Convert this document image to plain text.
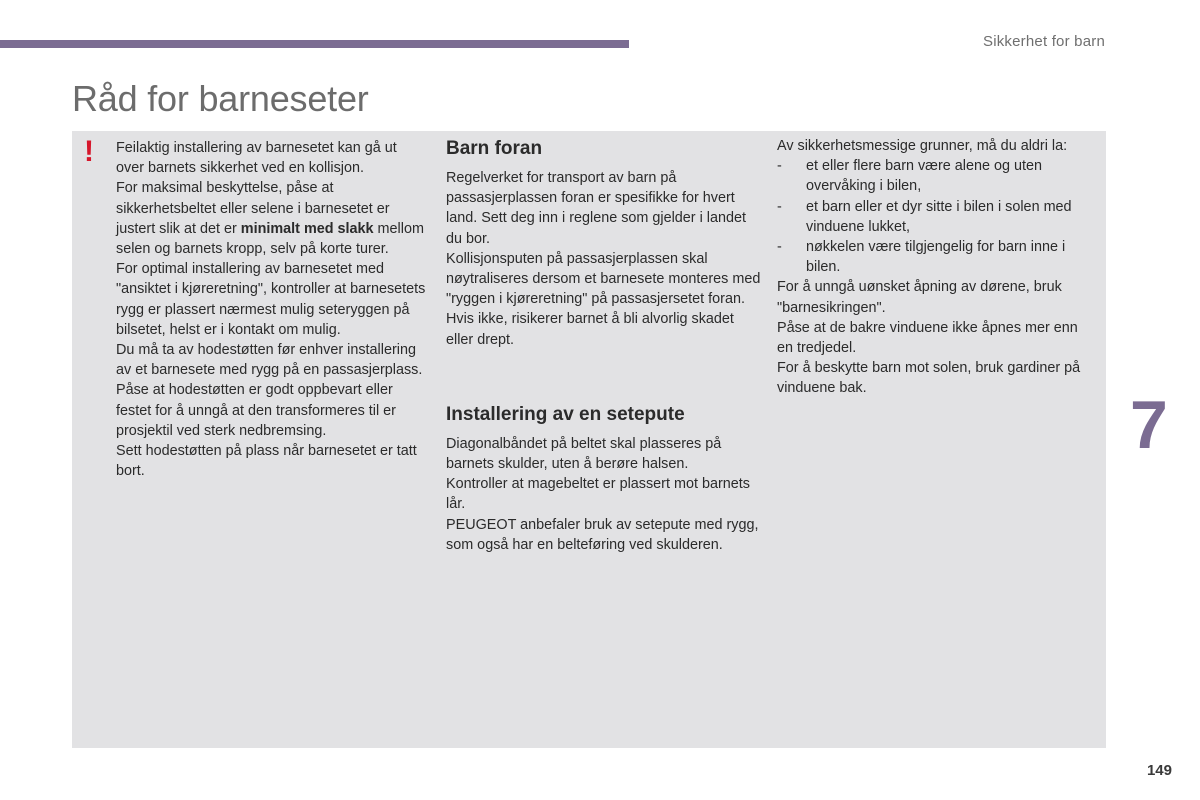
Sikkerhet for barn
Råd for barneseter
! Feilaktig installering av barnesetet kan gå ut over barnets sikkerhet ved en kollisjon.

For maksimal beskyttelse, påse at sikkerhetsbeltet eller selene i barnesetet er justert slik at det er minimalt med slakk mellom selen og barnets kropp, selv på korte turer.

For optimal installering av barnesetet med "ansiktet i kjøreretning", kontroller at barnesetets rygg er plassert nærmest mulig seteryggen på bilsetet, helst er i kontakt om mulig.

Du må ta av hodestøtten før enhver installering av et barnesete med rygg på en passasjerplass.

Påse at hodestøtten er godt oppbevart eller festet for å unngå at den transformeres til er prosjektil ved sterk nedbremsing.

Sett hodestøtten på plass når barnesetet er tatt bort.

Barn foran

Regelverket for transport av barn på passasjerplassen foran er spesifikke for hvert land. Sett deg inn i reglene som gjelder i landet du bor.

Kollisjonsputen på passasjerplassen skal nøytraliseres dersom et barnesete monteres med "ryggen i kjøreretning" på passasjersetet foran. Hvis ikke, risikerer barnet å bli alvorlig skadet eller drept.

Installering av en setepute

Diagonalbåndet på beltet skal plasseres på barnets skulder, uten å berøre halsen.

Kontroller at magebeltet er plassert mot barnets lår.

PEUGEOT anbefaler bruk av setepute med rygg, som også har en belteføring ved skulderen.

Av sikkerhetsmessige grunner, må du aldri la:

- et eller flere barn være alene og uten overvåking i bilen,
- et barn eller et dyr sitte i bilen i solen med vinduene lukket,
- nøkkelen være tilgjengelig for barn inne i bilen.

For å unngå uønsket åpning av dørene, bruk "barnesikringen".

Påse at de bakre vinduene ikke åpnes mer enn en tredjedel.

For å beskytte barn mot solen, bruk gardiner på vinduene bak.	7
149
